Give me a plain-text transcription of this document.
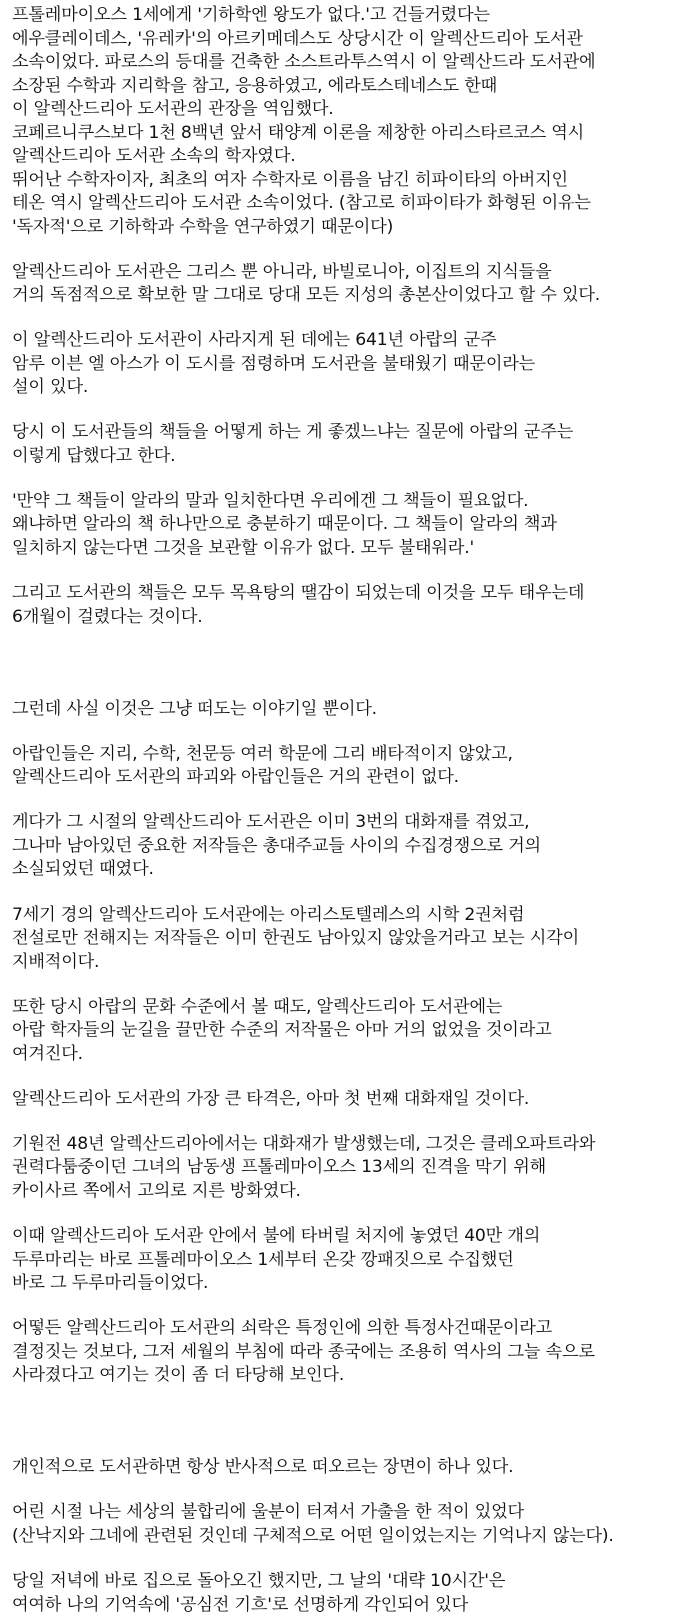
프톨레마이오스 1세에게 '기하학엔 왕도가 없다.'고 건들거렸다는
에우클레이데스, '유레카'의 아르키메데스도 상당시간 이 알렉산드리아 도서관
소속이었다. 파로스의 등대를 건축한 소스트라투스역시 이 알렉산드라 도서관에
소장된 수학과 지리학을 참고, 응용하였고, 에라토스테네스도 한때
이 알렉산드리아 도서관의 관장을 역임했다.
코페르니쿠스보다 1천 8백년 앞서 태양계 이론을 제창한 아리스타르코스 역시
알렉산드리아 도서관 소속의 학자였다.
뛰어난 수학자이자, 최초의 여자 수학자로 이름을 남긴 히파이타의 아버지인
테온 역시 알렉산드리아 도서관 소속이었다. (참고로 히파이타가 화형된 이유는
'독자적'으로 기하학과 수학을 연구하였기 때문이다)
알렉산드리아 도서관은 그리스 뿐 아니라, 바빌로니아, 이집트의 지식들을
거의 독점적으로 확보한 말 그대로 당대 모든 지성의 총본산이었다고 할 수 있다.
이 알렉산드리아 도서관이 사라지게 된 데에는 641년 아랍의 군주
암루 이븐 엘 아스가 이 도시를 점령하며 도서관을 불태웠기 때문이라는
설이 있다.
당시 이 도서관들의 책들을 어떻게 하는 게 좋겠느냐는 질문에 아랍의 군주는
이렇게 답했다고 한다.
'만약 그 책들이 알라의 말과 일치한다면 우리에겐 그 책들이 필요없다.
왜냐하면 알라의 책 하나만으로 충분하기 때문이다. 그 책들이 알라의 책과
일치하지 않는다면 그것을 보관할 이유가 없다. 모두 불태워라.'
그리고 도서관의 책들은 모두 목욕탕의 땔감이 되었는데 이것을 모두 태우는데
6개월이 걸렸다는 것이다.
그런데 사실 이것은 그냥 떠도는 이야기일 뿐이다.
아랍인들은 지리, 수학, 천문등 여러 학문에 그리 배타적이지 않았고,
알렉산드리아 도서관의 파괴와 아랍인들은 거의 관련이 없다.
게다가 그 시절의 알렉산드리아 도서관은 이미 3번의 대화재를 겪었고,
그나마 남아있던 중요한 저작들은 총대주교들 사이의 수집경쟁으로 거의
소실되었던 때였다.
7세기 경의 알렉산드리아 도서관에는 아리스토텔레스의 시학 2권처럼
전설로만 전해지는 저작들은 이미 한권도 남아있지 않았을거라고 보는 시각이
지배적이다.
또한 당시 아랍의 문화 수준에서 볼 때도, 알렉산드리아 도서관에는
아랍 학자들의 눈길을 끌만한 수준의 저작물은 아마 거의 없었을 것이라고
여겨진다.
알렉산드리아 도서관의 가장 큰 타격은, 아마 첫 번째 대화재일 것이다.
기원전 48년 알렉산드리아에서는 대화재가 발생했는데, 그것은 클레오파트라와
권력다툼중이던 그녀의 남동생 프톨레마이오스 13세의 진격을 막기 위해
카이사르 쪽에서 고의로 지른 방화였다.
이때 알렉산드리아 도서관 안에서 불에 타버릴 처지에 놓였던 40만 개의
두루마리는 바로 프톨레마이오스 1세부터 온갖 깡패짓으로 수집했던
바로 그 두루마리들이었다.
어떻든 알렉산드리아 도서관의 쇠락은 특정인에 의한 특정사건때문이라고
결정짓는 것보다, 그저 세월의 부침에 따라 종국에는 조용히 역사의 그늘 속으로
사라졌다고 여기는 것이 좀 더 타당해 보인다.
개인적으로 도서관하면 항상 반사적으로 떠오르는 장면이 하나 있다.
어린 시절 나는 세상의 불합리에 울분이 터져서 가출을 한 적이 있었다
(산낙지와 그네에 관련된 것인데 구체적으로 어떤 일이었는지는 기억나지 않는다).
당일 저녁에 바로 집으로 돌아오긴 했지만, 그 날의 '대략 10시간'은
여여하 나의 기억속에 '공심전 기흐'로 선명하게 각인되어 있다
